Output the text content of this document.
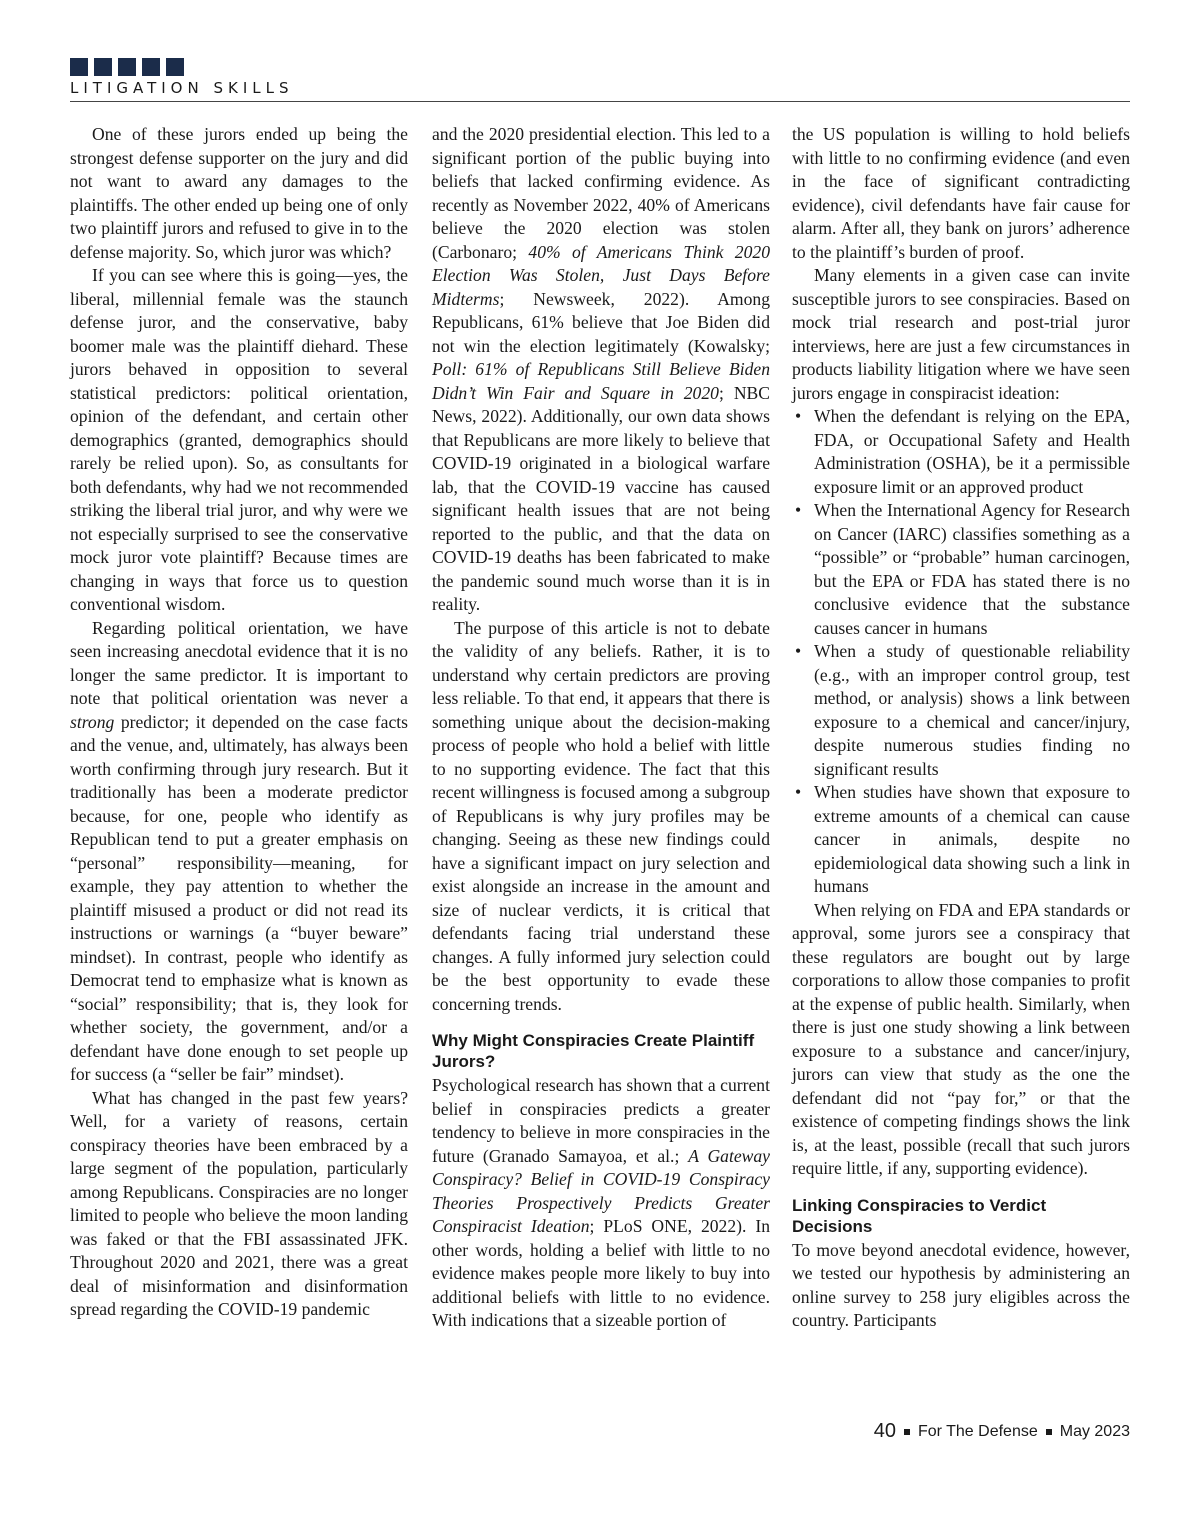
LITIGATION SKILLS

One of these jurors ended up being the strongest defense supporter on the jury and did not want to award any damages to the plaintiffs. The other ended up being one of only two plaintiff jurors and refused to give in to the defense majority. So, which juror was which?

If you can see where this is going—yes, the liberal, millennial female was the staunch defense juror, and the conservative, baby boomer male was the plaintiff diehard. These jurors behaved in opposition to several statistical predictors: political orientation, opinion of the defendant, and certain other demographics (granted, demographics should rarely be relied upon). So, as consultants for both defendants, why had we not recommended striking the liberal trial juror, and why were we not especially surprised to see the conservative mock juror vote plaintiff? Because times are changing in ways that force us to question conventional wisdom.

Regarding political orientation, we have seen increasing anecdotal evidence that it is no longer the same predictor. It is important to note that political orientation was never a strong predictor; it depended on the case facts and the venue, and, ultimately, has always been worth confirming through jury research. But it traditionally has been a moderate predictor because, for one, people who identify as Republican tend to put a greater emphasis on “personal” responsibility—meaning, for example, they pay attention to whether the plaintiff misused a product or did not read its instructions or warnings (a “buyer beware” mindset). In contrast, people who identify as Democrat tend to emphasize what is known as “social” responsibility; that is, they look for whether society, the government, and/or a defendant have done enough to set people up for success (a “seller be fair” mindset).

What has changed in the past few years? Well, for a variety of reasons, certain conspiracy theories have been embraced by a large segment of the population, particularly among Republicans. Conspiracies are no longer limited to people who believe the moon landing was faked or that the FBI assassinated JFK. Throughout 2020 and 2021, there was a great deal of misinformation and disinformation spread regarding the COVID-19 pandemic

and the 2020 presidential election. This led to a significant portion of the public buying into beliefs that lacked confirming evidence. As recently as November 2022, 40% of Americans believe the 2020 election was stolen (Carbonaro; 40% of Americans Think 2020 Election Was Stolen, Just Days Before Midterms; Newsweek, 2022). Among Republicans, 61% believe that Joe Biden did not win the election legitimately (Kowalsky; Poll: 61% of Republicans Still Believe Biden Didn’t Win Fair and Square in 2020; NBC News, 2022). Additionally, our own data shows that Republicans are more likely to believe that COVID-19 originated in a biological warfare lab, that the COVID-19 vaccine has caused significant health issues that are not being reported to the public, and that the data on COVID-19 deaths has been fabricated to make the pandemic sound much worse than it is in reality.

The purpose of this article is not to debate the validity of any beliefs. Rather, it is to understand why certain predictors are proving less reliable. To that end, it appears that there is something unique about the decision-making process of people who hold a belief with little to no supporting evidence. The fact that this recent willingness is focused among a subgroup of Republicans is why jury profiles may be changing. Seeing as these new findings could have a significant impact on jury selection and exist alongside an increase in the amount and size of nuclear verdicts, it is critical that defendants facing trial understand these changes. A fully informed jury selection could be the best opportunity to evade these concerning trends.

Why Might Conspiracies Create Plaintiff Jurors?

Psychological research has shown that a current belief in conspiracies predicts a greater tendency to believe in more conspiracies in the future (Granado Samayoa, et al.; A Gateway Conspiracy? Belief in COVID-19 Conspiracy Theories Prospectively Predicts Greater Conspiracist Ideation; PLoS ONE, 2022). In other words, holding a belief with little to no evidence makes people more likely to buy into additional beliefs with little to no evidence. With indications that a sizeable portion of

the US population is willing to hold beliefs with little to no confirming evidence (and even in the face of significant contradicting evidence), civil defendants have fair cause for alarm. After all, they bank on jurors’ adherence to the plaintiff’s burden of proof.

Many elements in a given case can invite susceptible jurors to see conspiracies. Based on mock trial research and post-trial juror interviews, here are just a few circumstances in products liability litigation where we have seen jurors engage in conspiracist ideation:

• When the defendant is relying on the EPA, FDA, or Occupational Safety and Health Administration (OSHA), be it a permissible exposure limit or an approved product
• When the International Agency for Research on Cancer (IARC) classifies something as a “possible” or “probable” human carcinogen, but the EPA or FDA has stated there is no conclusive evidence that the substance causes cancer in humans
• When a study of questionable reliability (e.g., with an improper control group, test method, or analysis) shows a link between exposure to a chemical and cancer/injury, despite numerous studies finding no significant results
• When studies have shown that exposure to extreme amounts of a chemical can cause cancer in animals, despite no epidemiological data showing such a link in humans

When relying on FDA and EPA standards or approval, some jurors see a conspiracy that these regulators are bought out by large corporations to allow those companies to profit at the expense of public health. Similarly, when there is just one study showing a link between exposure to a substance and cancer/injury, jurors can view that study as the one the defendant did not “pay for,” or that the existence of competing findings shows the link is, at the least, possible (recall that such jurors require little, if any, supporting evidence).

Linking Conspiracies to Verdict Decisions

To move beyond anecdotal evidence, however, we tested our hypothesis by administering an online survey to 258 jury eligibles across the country. Participants

40 For The Defense May 2023
